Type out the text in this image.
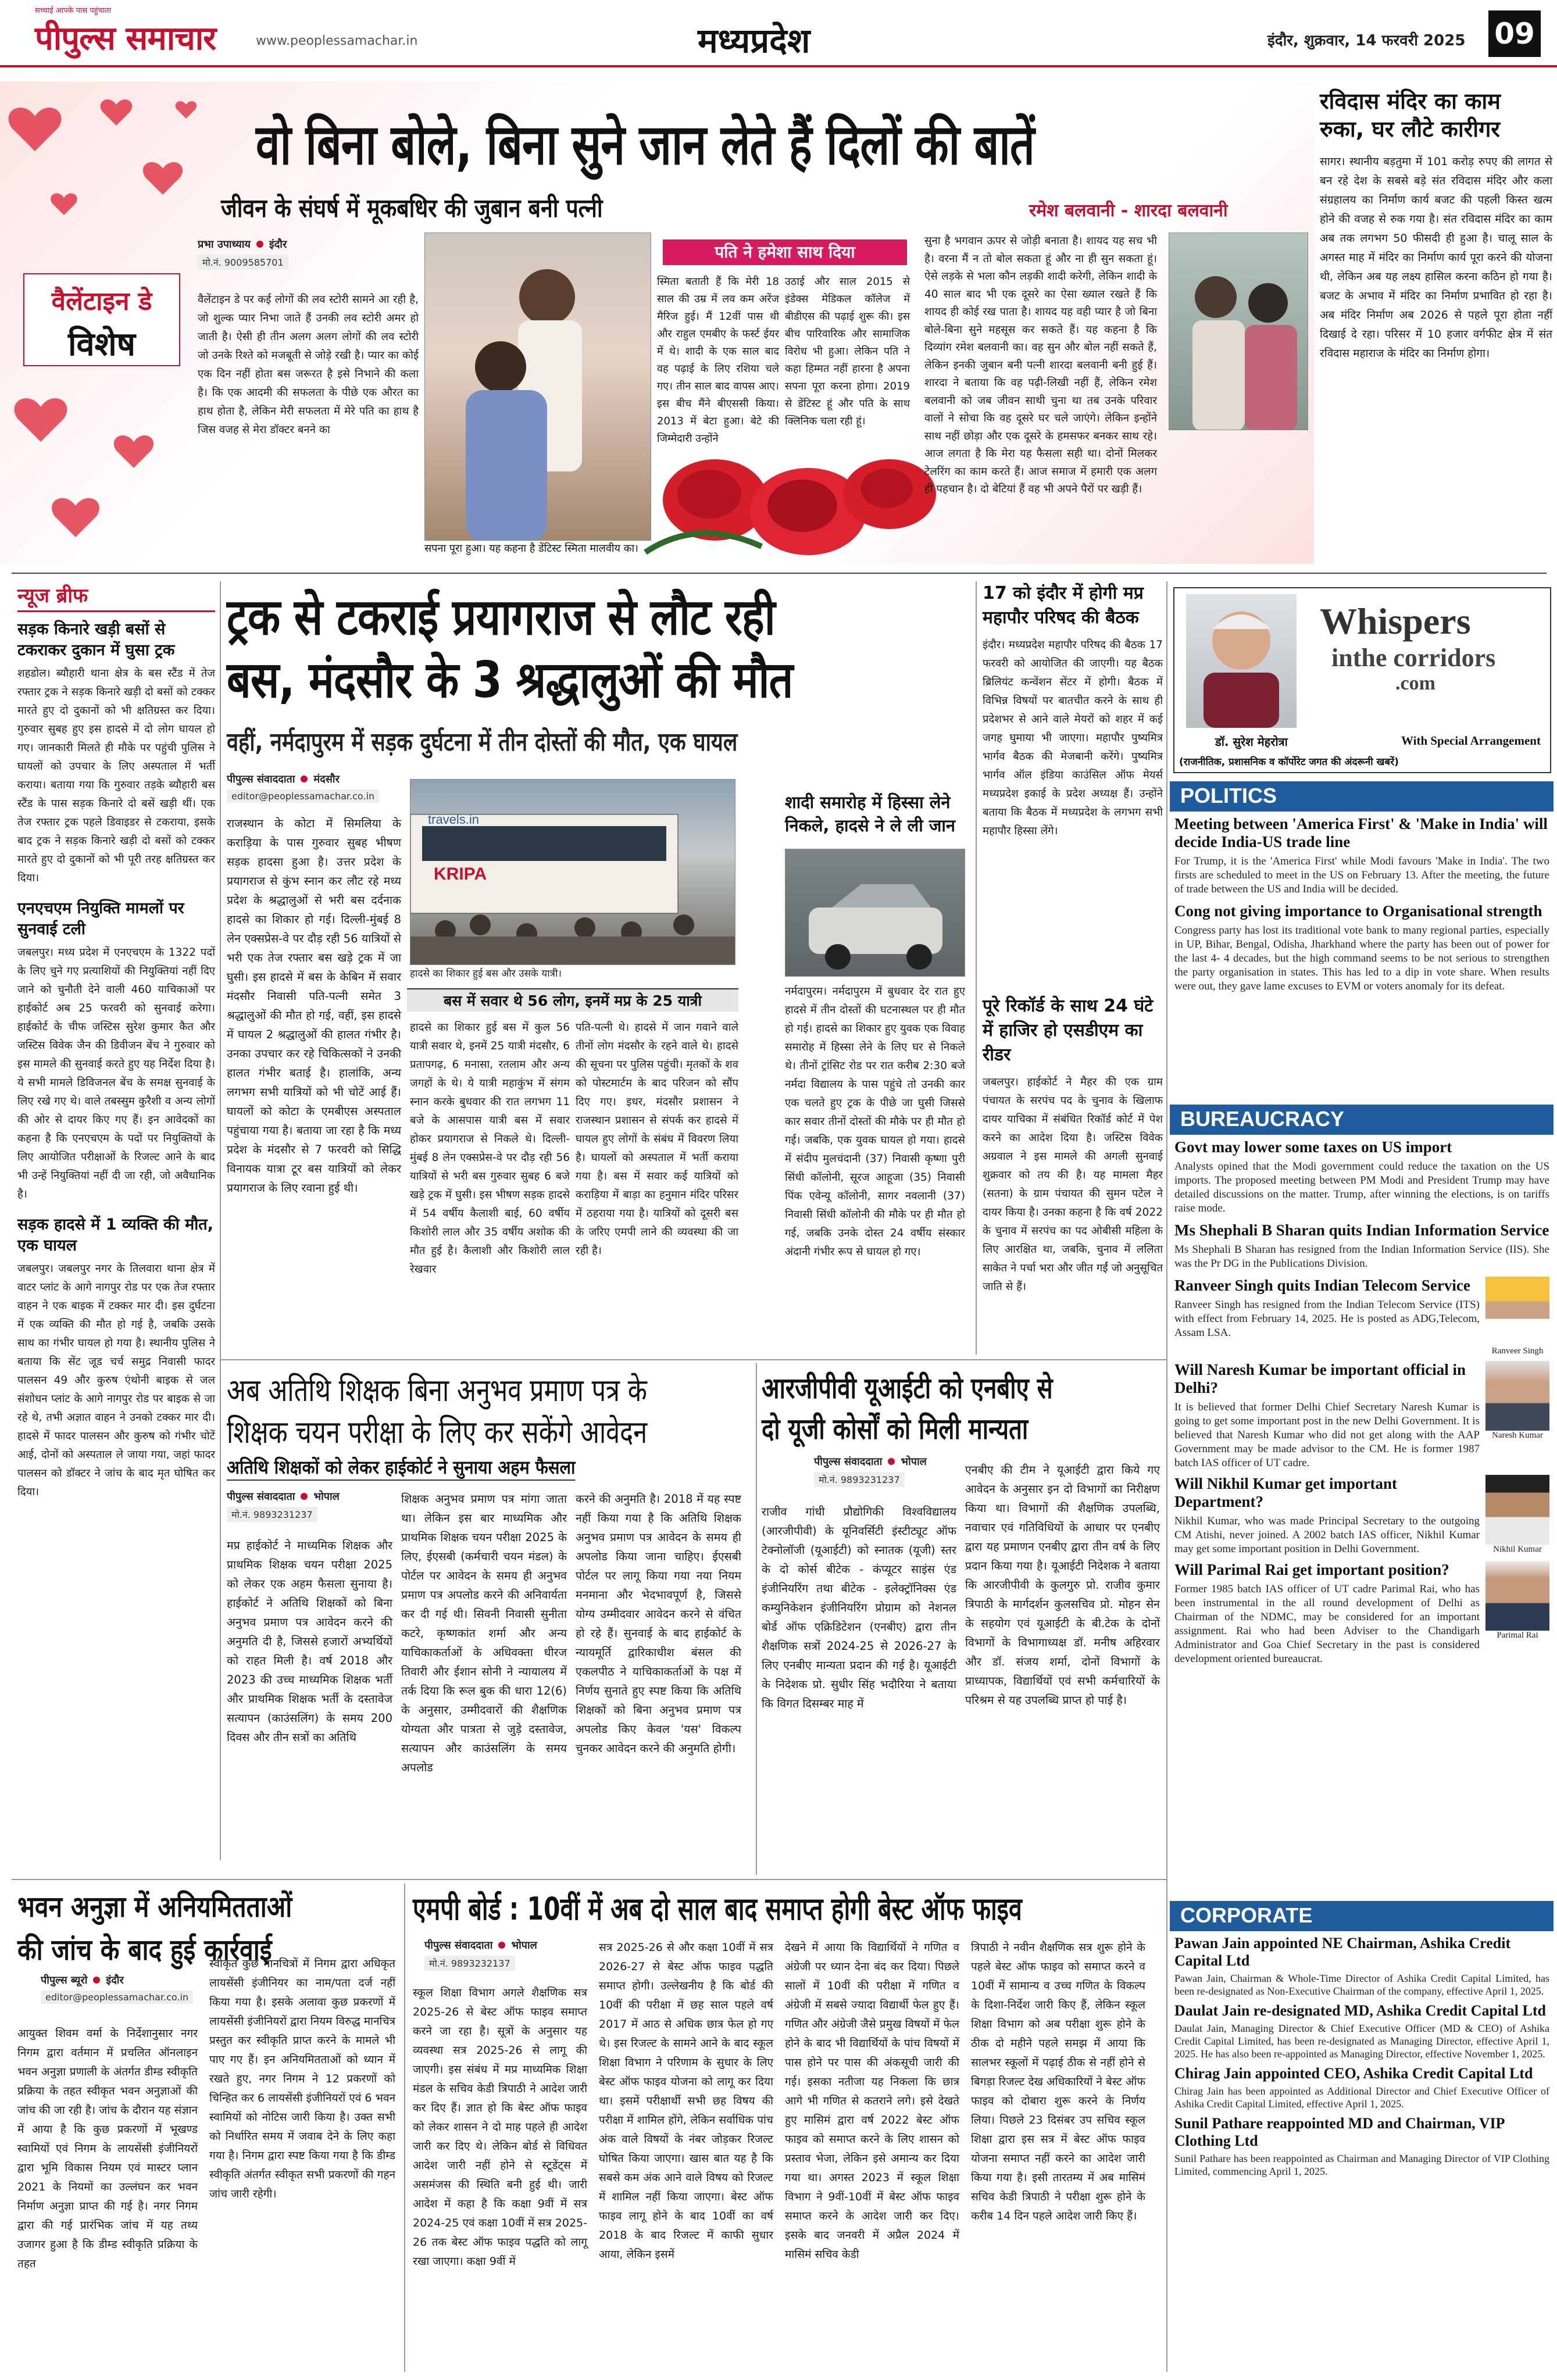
सच्चाई आपके पास पहुंचाता
पीपुल्स समाचार	www.peoplessamachar.in	मध्यप्रदेश	इंदौर, शुक्रवार, 14 फरवरी 2025 09
वो बिना बोले, बिना सुने जान लेते हैं दिलों की बातें
जीवन के संघर्ष में मूकबधिर की जुबान बनी पत्नी
वैलेंटाइन डे
विशेष
प्रभा उपाध्याय इंदौर
मो.नं. 9009585701
वैलेंटाइन डे पर कई लोगों की लव स्टोरी सामने आ रही है, जो शुल्क प्यार निभा जाते हैं उनकी लव स्टोरी अमर हो जाती है। ऐसी ही तीन अलग अलग लोगों की लव स्टोरी जो उनके रिश्ते को मजबूती से जोड़े रखी है। प्यार का कोई एक दिन नहीं होता बस जरूरत है इसे निभाने की कला है। कि एक आदमी की सफलता के पीछे एक औरत का हाथ होता है, लेकिन मेरी सफलता में मेरे पति का हाथ है जिस वजह से मेरा डॉक्टर बनने का
सपना पूरा हुआ। यह कहना है डेंटिस्ट स्मिता मालवीय का।
पति ने हमेशा साथ दिया
स्मिता बताती हैं कि मेरी 18 साल की उम्र में लव कम अरेंज मैरिज हुई। मैं 12वीं पास थी और राहुल एमबीए के फर्स्ट ईयर में थे। शादी के एक साल बाद वह पढ़ाई के लिए रशिया चले गए। तीन साल बाद वापस आए। इस बीच मैंने बीएससी किया। 2013 में बेटा हुआ। बेटे की जिम्मेदारी उन्होंने
उठाई और साल 2015 से इंडेक्स मेडिकल कॉलेज में बीडीएस की पढ़ाई शुरू की। इस बीच पारिवारिक और सामाजिक विरोध भी हुआ। लेकिन पति ने कहा हिम्मत नहीं हारना है अपना सपना पूरा करना होगा। 2019 से डेंटिस्ट हूं और पति के साथ क्लिनिक चला रही हूं।
रमेश बलवानी - शारदा बलवानी
सुना है भगवान ऊपर से जोड़ी बनाता है। शायद यह सच भी है। वरना मैं न तो बोल सकता हूं और ना ही सुन सकता हूं। ऐसे लड़के से भला कौन लड़की शादी करेगी, लेकिन शादी के 40 साल बाद भी एक दूसरे का ऐसा ख्याल रखते हैं कि शायद ही कोई रख पाता है। शायद यह वही प्यार है जो बिना बोले-बिना सुने महसूस कर सकते हैं। यह कहना है कि दिव्यांग रमेश बलवानी का। वह सुन और बोल नहीं सकते हैं, लेकिन इनकी जुबान बनी पत्नी शारदा बलवानी बनी हुई हैं। शारदा ने बताया कि वह पढ़ी-लिखी नहीं हैं, लेकिन रमेश बलवानी को जब जीवन साथी चुना था तब उनके परिवार वालों ने सोचा कि वह दूसरे घर चले जाएंगे। लेकिन इन्होंने साथ नहीं छोड़ा और एक दूसरे के हमसफर बनकर साथ रहे। आज लगता है कि मेरा यह फैसला सही था। दोनों मिलकर टेलरिंग का काम करते हैं। आज समाज में हमारी एक अलग ही पहचान है। दो बेटियां हैं वह भी अपने पैरों पर खड़ी हैं।
रविदास मंदिर का काम रुका, घर लौटे कारीगर
सागर। स्थानीय बड़तुमा में 101 करोड़ रुपए की लागत से बन रहे देश के सबसे बड़े संत रविदास मंदिर और कला संग्रहालय का निर्माण कार्य बजट की पहली किस्त खत्म होने की वजह से रुक गया है। संत रविदास मंदिर का काम अब तक लगभग 50 फीसदी ही हुआ है। चालू साल के अगस्त माह में मंदिर का निर्माण कार्य पूरा करने की योजना थी, लेकिन अब यह लक्ष्य हासिल करना कठिन हो गया है। बजट के अभाव में मंदिर का निर्माण प्रभावित हो रहा है। अब मंदिर निर्माण अब 2026 से पहले पूरा होता नहीं दिखाई दे रहा। परिसर में 10 हजार वर्गफीट क्षेत्र में संत रविदास महाराज के मंदिर का निर्माण होगा।
न्यूज ब्रीफ
सड़क किनारे खड़ी बसों से टकराकर दुकान में घुसा ट्रक
शहडोल। ब्यौहारी थाना क्षेत्र के बस स्टैंड में तेज रफ्तार ट्रक ने सड़क किनारे खड़ी दो बसों को टक्कर मारते हुए दो दुकानों को भी क्षतिग्रस्त कर दिया। गुरुवार सुबह हुए इस हादसे में दो लोग घायल हो गए। जानकारी मिलते ही मौके पर पहुंची पुलिस ने घायलों को उपचार के लिए अस्पताल में भर्ती कराया। बताया गया कि गुरुवार तड़के ब्यौहारी बस स्टैंड के पास सड़क किनारे दो बसें खड़ी थीं। एक तेज रफ्तार ट्रक पहले डिवाइडर से टकराया, इसके बाद ट्रक ने सड़क किनारे खड़ी दो बसों को टक्कर मारते हुए दो दुकानों को भी पूरी तरह क्षतिग्रस्त कर दिया।
एनएचएम नियुक्ति मामलों पर सुनवाई टली
जबलपुर। मध्य प्रदेश में एनएचएम के 1322 पदों के लिए चुने गए प्रत्याशियों की नियुक्तियां नहीं दिए जाने को चुनौती देने वाली 460 याचिकाओं पर हाईकोर्ट अब 25 फरवरी को सुनवाई करेगा। हाईकोर्ट के चीफ जस्टिस सुरेश कुमार कैत और जस्टिस विवेक जैन की डिवीजन बेंच ने गुरुवार को इस मामले की सुनवाई करते हुए यह निर्देश दिया है। ये सभी मामले डिविजनल बेंच के समक्ष सुनवाई के लिए रखे गए थे। वाले तबस्सुम कुरैशी व अन्य लोगों की ओर से दायर किए गए हैं। इन आवेदकों का कहना है कि एनएचएम के पदों पर नियुक्तियों के लिए आयोजित परीक्षाओं के रिजल्ट आने के बाद भी उन्हें नियुक्तियां नहीं दी जा रही, जो अवैधानिक है।
सड़क हादसे में 1 व्यक्ति की मौत, एक घायल
जबलपुर। जबलपुर नगर के तिलवारा थाना क्षेत्र में वाटर प्लांट के आगे नागपुर रोड पर एक तेज रफ्तार वाहन ने एक बाइक में टक्कर मार दी। इस दुर्घटना में एक व्यक्ति की मौत हो गई है, जबकि उसके साथ का गंभीर घायल हो गया है। स्थानीय पुलिस ने बताया कि सेंट जूड चर्च समुद्र निवासी फादर पालसन 49 और कुरुष एंथोनी बाइक से जल संशोधन प्लांट के आगे नागपुर रोड पर बाइक से जा रहे थे, तभी अज्ञात वाहन ने उनको टक्कर मार दी। हादसे में फादर पालसन और कुरुष को गंभीर चोटें आई, दोनों को अस्पताल ले जाया गया, जहां फादर पालसन को डॉक्टर ने जांच के बाद मृत घोषित कर दिया।
ट्रक से टकराई प्रयागराज से लौट रही
बस, मंदसौर के 3 श्रद्धालुओं की मौत
वहीं, नर्मदापुरम में सड़क दुर्घटना में तीन दोस्तों की मौत, एक घायल
पीपुल्स संवाददाता मंदसौर
editor@peoplessamachar.co.in
राजस्थान के कोटा में सिमलिया के कराड़िया के पास गुरुवार सुबह भीषण सड़क हादसा हुआ है। उत्तर प्रदेश के प्रयागराज से कुंभ स्नान कर लौट रहे मध्य प्रदेश के श्रद्धालुओं से भरी बस दर्दनाक हादसे का शिकार हो गई। दिल्ली-मुंबई 8 लेन एक्सप्रेस-वे पर दौड़ रही 56 यात्रियों से भरी एक तेज रफ्तार बस खड़े ट्रक में जा घुसी। इस हादसे में बस के केबिन में सवार मंदसौर निवासी पति-पत्नी समेत 3 श्रद्धालुओं की मौत हो गई, वहीं, इस हादसे में घायल 2 श्रद्धालुओं की हालत गंभीर है। उनका उपचार कर रहे चिकित्सकों ने उनकी हालत गंभीर बताई है। हालांकि, अन्य लगभग सभी यात्रियों को भी चोटें आई हैं। घायलों को कोटा के एमबीएस अस्पताल पहुंचाया गया है। बताया जा रहा है कि मध्य प्रदेश के मंदसौर से 7 फरवरी को सिद्धि विनायक यात्रा टूर बस यात्रियों को लेकर प्रयागराज के लिए रवाना हुई थी।
travels.in
KRIPA
हादसे का शिकार हुई बस और उसके यात्री।
बस में सवार थे 56 लोग, इनमें मप्र के 25 यात्री
हादसे का शिकार हुई बस में कुल 56 यात्री सवार थे, इनमें 25 यात्री मंदसौर, 6 प्रतापगढ़, 6 मनासा, रतलाम और अन्य जगहों के थे। ये यात्री महाकुंभ में संगम स्नान करके बुधवार की रात लगभग 11 बजे के आसपास यात्री बस में सवार होकर प्रयागराज से निकले थे। दिल्ली-मुंबई 8 लेन एक्सप्रेस-वे पर दौड़ रही 56 यात्रियों से भरी बस गुरुवार सुबह 6 बजे खड़े ट्रक में घुसी। इस भीषण सड़क हादसे में 54 वर्षीय कैलाशी बाई, 60 वर्षीय किशोरी लाल और 35 वर्षीय अशोक की मौत हुई है। कैलाशी और किशोरी लाल रेखवार
पति-पत्नी थे। हादसे में जान गवाने वाले तीनों लोग मंदसौर के रहने वाले थे। हादसे की सूचना पर पुलिस पहुंची। मृतकों के शव को पोस्टमार्टम के बाद परिजन को सौंप दिए गए। इधर, मंदसौर प्रशासन ने राजस्थान प्रशासन से संपर्क कर हादसे में घायल हुए लोगों के संबंध में विवरण लिया है। घायलों को अस्पताल में भर्ती कराया गया है। बस में सवार कई यात्रियों को कराड़िया में बाड़ा का हनुमान मंदिर परिसर में ठहराया गया है। यात्रियों को दूसरी बस के जरिए एमपी लाने की व्यवस्था की जा रही है।
शादी समारोह में हिस्सा लेने निकले, हादसे ने ले ली जान
नर्मदापुरम। नर्मदापुरम में बुधवार देर रात हुए हादसे में तीन दोस्तों की घटनास्थल पर ही मौत हो गई। हादसे का शिकार हुए युवक एक विवाह समारोह में हिस्सा लेने के लिए घर से निकले थे। तीनों ट्रांसिट रोड पर रात करीब 2:30 बजे नर्मदा विद्यालय के पास पहुंचे तो उनकी कार एक चलते हुए ट्रक के पीछे जा घुसी जिससे कार सवार तीनों दोस्तों की मौके पर ही मौत हो गई। जबकि, एक युवक घायल हो गया। हादसे में संदीप मुलचंदानी (37) निवासी कृष्णा पुरी सिंधी कॉलोनी, सूरज आहूजा (35) निवासी पिंक एवेन्यू कॉलोनी, सागर नवलानी (37) निवासी सिंधी कॉलोनी की मौके पर ही मौत हो गई, जबकि उनके दोस्त 24 वर्षीय संस्कार अंदानी गंभीर रूप से घायल हो गए।
17 को इंदौर में होगी मप्र महापौर परिषद की बैठक
इंदौर। मध्यप्रदेश महापौर परिषद की बैठक 17 फरवरी को आयोजित की जाएगी। यह बैठक ब्रिलियंट कन्वेंशन सेंटर में होगी। बैठक में विभिन्न विषयों पर बातचीत करने के साथ ही प्रदेशभर से आने वाले मेयरों को शहर में कई जगह घुमाया भी जाएगा। महापौर पुष्यमित्र भार्गव बैठक की मेजबानी करेंगे। पुष्यमित्र भार्गव ऑल इंडिया काउंसिल ऑफ मेयर्स मध्यप्रदेश इकाई के प्रदेश अध्यक्ष हैं। उन्होंने बताया कि बैठक में मध्यप्रदेश के लगभग सभी महापौर हिस्सा लेंगे।
पूरे रिकॉर्ड के साथ 24 घंटे में हाजिर हो एसडीएम का रीडर
जबलपुर। हाईकोर्ट ने मैहर की एक ग्राम पंचायत के सरपंच पद के चुनाव के खिलाफ दायर याचिका में संबंधित रिकॉर्ड कोर्ट में पेश करने का आदेश दिया है। जस्टिस विवेक अग्रवाल ने इस मामले की अगली सुनवाई शुक्रवार को तय की है। यह मामला मैहर (सतना) के ग्राम पंचायत की सुमन पटेल ने दायर किया है। उनका कहना है कि वर्ष 2022 के चुनाव में सरपंच का पद ओबीसी महिला के लिए आरक्षित था, जबकि, चुनाव में ललिता साकेत ने पर्चा भरा और जीत गईं जो अनुसूचित जाति से हैं।
Whispers
inthe corridors
.com
डॉ. सुरेश मेहरोत्रा	With Special Arrangement
(राजनीतिक, प्रशासनिक व कॉर्पोरेट जगत की अंदरूनी खबरें)
POLITICS
Meeting between 'America First' & 'Make in India' will decide India-US trade line
For Trump, it is the 'America First' while Modi favours 'Make in India'. The two firsts are scheduled to meet in the US on February 13. After the meeting, the future of trade between the US and India will be decided.
Cong not giving importance to Organisational strength
Congress party has lost its traditional vote bank to many regional parties, especially in UP, Bihar, Bengal, Odisha, Jharkhand where the party has been out of power for the last 4- 4 decades, but the high command seems to be not serious to strengthen the party organisation in states. This has led to a dip in vote share. When results were out, they gave lame excuses to EVM or voters anomaly for its defeat.
BUREAUCRACY
Govt may lower some taxes on US import
Analysts opined that the Modi government could reduce the taxation on the US imports. The proposed meeting between PM Modi and President Trump may have detailed discussions on the matter. Trump, after winning the elections, is on tariffs raise mode.
Ms Shephali B Sharan quits Indian Information Service
Ms Shephali B Sharan has resigned from the Indian Information Service (IIS). She was the Pr DG in the Publications Division.
Ranveer Singh quits Indian Telecom Service
Ranveer Singh has resigned from the Indian Telecom Service (ITS) with effect from February 14, 2025. He is posted as ADG,Telecom, Assam LSA.
Ranveer Singh
Will Naresh Kumar be important official in Delhi?
It is believed that former Delhi Chief Secretary Naresh Kumar is going to get some important post in the new Delhi Government. It is believed that Naresh Kumar who did not get along with the AAP Government may be made advisor to the CM. He is former 1987 batch IAS officer of UT cadre.
Naresh Kumar
Will Nikhil Kumar get important Department?
Nikhil Kumar, who was made Principal Secretary to the outgoing CM Atishi, never joined. A 2002 batch IAS officer, Nikhil Kumar may get some important position in Delhi Government.	Nikhil Kumar
Will Parimal Rai get important position?
Former 1985 batch IAS officer of UT cadre Parimal Rai, who has been instrumental in the all round development of Delhi as Chairman of the NDMC, may be considered for an important assignment. Rai who had been Adviser to the Chandigarh Administrator and Goa Chief Secretary in the past is considered development oriented bureaucrat.
Parimal Rai
CORPORATE
Pawan Jain appointed NE Chairman, Ashika Credit Capital Ltd
Pawan Jain, Chairman & Whole-Time Director of Ashika Credit Capital Limited, has been re-designated as Non-Executive Chairman of the company, effective April 1, 2025.
Daulat Jain re-designated MD, Ashika Credit Capital Ltd
Daulat Jain, Managing Director & Chief Executive Officer (MD & CEO) of Ashika Credit Capital Limited, has been re-designated as Managing Director, effective April 1, 2025. He has also been re-appointed as Managing Director, effective November 1, 2025.
Chirag Jain appointed CEO, Ashika Credit Capital Ltd
Chirag Jain has been appointed as Additional Director and Chief Executive Officer of Ashika Credit Capital Limited, effective April 1, 2025.
Sunil Pathare reappointed MD and Chairman, VIP Clothing Ltd
Sunil Pathare has been reappointed as Chairman and Managing Director of VIP Clothing Limited, commencing April 1, 2025.
अब अतिथि शिक्षक बिना अनुभव प्रमाण पत्र के
शिक्षक चयन परीक्षा के लिए कर सकेंगे आवेदन
अतिथि शिक्षकों को लेकर हाईकोर्ट ने सुनाया अहम फैसला
पीपुल्स संवाददाता भोपाल
मो.नं. 9893231237
मप्र हाईकोर्ट ने माध्यमिक शिक्षक और प्राथमिक शिक्षक चयन परीक्षा 2025 को लेकर एक अहम फैसला सुनाया है। हाईकोर्ट ने अतिथि शिक्षकों को बिना अनुभव प्रमाण पत्र आवेदन करने की अनुमति दी है, जिससे हजारों अभ्यर्थियों को राहत मिली है। वर्ष 2018 और 2023 की उच्च माध्यमिक शिक्षक भर्ती और प्राथमिक शिक्षक भर्ती के दस्तावेज सत्यापन (काउंसलिंग) के समय 200 दिवस और तीन सत्रों का अतिथि
शिक्षक अनुभव प्रमाण पत्र मांगा जाता था। लेकिन इस बार माध्यमिक और प्राथमिक शिक्षक चयन परीक्षा 2025 के लिए, ईएसबी (कर्मचारी चयन मंडल) के पोर्टल पर आवेदन के समय ही अनुभव प्रमाण पत्र अपलोड करने की अनिवार्यता कर दी गई थी। सिवनी निवासी सुनीता कटरे, कृष्णकांत शर्मा और अन्य याचिकाकर्ताओं के अधिवक्ता धीरज तिवारी और ईशान सोनी ने न्यायालय में तर्क दिया कि रूल बुक की धारा 12(6) के अनुसार, उम्मीदवारों की शैक्षणिक योग्यता और पात्रता से जुड़े दस्तावेज, सत्यापन और काउंसलिंग के समय अपलोड
करने की अनुमति है। 2018 में यह स्पष्ट नहीं किया गया है कि अतिथि शिक्षक अनुभव प्रमाण पत्र आवेदन के समय ही अपलोड किया जाना चाहिए। ईएसबी पोर्टल पर लागू किया गया नया नियम मनमाना और भेदभावपूर्ण है, जिससे योग्य उम्मीदवार आवेदन करने से वंचित हो रहे हैं। सुनवाई के बाद हाईकोर्ट के न्यायमूर्ति द्वारिकाधीश बंसल की एकलपीठ ने याचिकाकर्ताओं के पक्ष में निर्णय सुनाते हुए स्पष्ट किया कि अतिथि शिक्षकों को बिना अनुभव प्रमाण पत्र अपलोड किए केवल 'यस' विकल्प चुनकर आवेदन करने की अनुमति होगी।
आरजीपीवी यूआईटी को एनबीए से
दो यूजी कोर्सों को मिली मान्यता
पीपुल्स संवाददाता भोपाल
मो.नं. 9893231237
राजीव गांधी प्रौद्योगिकी विश्वविद्यालय (आरजीपीवी) के यूनिवर्सिटी इंस्टीट्यूट ऑफ टेक्नोलॉजी (यूआईटी) को स्नातक (यूजी) स्तर के दो कोर्स बीटेक - कंप्यूटर साइंस एंड इंजीनियरिंग तथा बीटेक - इलेक्ट्रॉनिक्स एंड कम्युनिकेशन इंजीनियरिंग प्रोग्राम को नेशनल बोर्ड ऑफ एक्रिडिटेशन (एनबीए) द्वारा तीन शैक्षणिक सत्रों 2024-25 से 2026-27 के लिए एनबीए मान्यता प्रदान की गई है। यूआईटी के निदेशक प्रो. सुधीर सिंह भदौरिया ने बताया कि विगत दिसम्बर माह में
एनबीए की टीम ने यूआईटी द्वारा किये गए आवेदन के अनुसार इन दो विभागों का निरीक्षण किया था। विभागों की शैक्षणिक उपलब्धि, नवाचार एवं गतिविधियों के आधार पर एनबीए द्वारा यह प्रमाणन एनबीए द्वारा तीन वर्ष के लिए प्रदान किया गया है। यूआईटी निदेशक ने बताया कि आरजीपीवी के कुलगुरु प्रो. राजीव कुमार त्रिपाठी के मार्गदर्शन कुलसचिव प्रो. मोहन सेन के सहयोग एवं यूआईटी के बी.टेक के दोनों विभागों के विभागाध्यक्ष डॉ. मनीष अहिरवार और डॉ. संजय शर्मा, दोनों विभागों के प्राध्यापक, विद्यार्थियों एवं सभी कर्मचारियों के परिश्रम से यह उपलब्धि प्राप्त हो पाई है।
भवन अनुज्ञा में अनियमितताओं
की जांच के बाद हुई कार्रवाई
पीपुल्स ब्यूरो इंदौर
editor@peoplessamachar.co.in
आयुक्त शिवम वर्मा के निर्देशानुसार नगर निगम द्वारा वर्तमान में प्रचलित ऑनलाइन भवन अनुज्ञा प्रणाली के अंतर्गत डीम्ड स्वीकृति प्रक्रिया के तहत स्वीकृत भवन अनुज्ञाओं की जांच की जा रही है। जांच के दौरान यह संज्ञान में आया है कि कुछ प्रकरणों में भूखण्ड स्वामियों एवं निगम के लायसेंसी इंजीनियरों द्वारा भूमि विकास नियम एवं मास्टर प्लान 2021 के नियमों का उल्लंघन कर भवन निर्माण अनुज्ञा प्राप्त की गई है। नगर निगम द्वारा की गई प्रारंभिक जांच में यह तथ्य उजागर हुआ है कि डीम्ड स्वीकृति प्रक्रिया के तहत
स्वीकृत कुछ मानचित्रों में निगम द्वारा अधिकृत लायसेंसी इंजीनियर का नाम/पता दर्ज नहीं किया गया है। इसके अलावा कुछ प्रकरणों में लायसेंसी इंजीनियरों द्वारा नियम विरुद्ध मानचित्र प्रस्तुत कर स्वीकृति प्राप्त करने के मामले भी पाए गए हैं। इन अनियमितताओं को ध्यान में रखते हुए, नगर निगम ने 12 प्रकरणों को चिन्हित कर 6 लायसेंसी इंजीनियरों एवं 6 भवन स्वामियों को नोटिस जारी किया है। उक्त सभी को निर्धारित समय में जवाब देने के लिए कहा गया है। निगम द्वारा स्पष्ट किया गया है कि डीम्ड स्वीकृति अंतर्गत स्वीकृत सभी प्रकरणों की गहन जांच जारी रहेगी।
एमपी बोर्ड : 10वीं में अब दो साल बाद समाप्त होगी बेस्ट ऑफ फाइव
पीपुल्स संवाददाता भोपाल
मो.नं. 9893232137
स्कूल शिक्षा विभाग अगले शैक्षणिक सत्र 2025-26 से बेस्ट ऑफ फाइव समाप्त करने जा रहा है। सूत्रों के अनुसार यह व्यवस्था सत्र 2025-26 से लागू की जाएगी। इस संबंध में मप्र माध्यमिक शिक्षा मंडल के सचिव केडी त्रिपाठी ने आदेश जारी कर दिए हैं। ज्ञात हो कि बेस्ट ऑफ फाइव को लेकर शासन ने दो माह पहले ही आदेश जारी कर दिए थे। लेकिन बोर्ड से विधिवत आदेश जारी नहीं होने से स्टूडेंट्स में असमंजस की स्थिति बनी हुई थी। जारी आदेश में कहा है कि कक्षा 9वीं में सत्र 2024-25 एवं कक्षा 10वीं में सत्र 2025-26 तक बेस्ट ऑफ फाइव पद्धति को लागू रखा जाएगा। कक्षा 9वीं में
सत्र 2025-26 से और कक्षा 10वीं में सत्र 2026-27 से बेस्ट ऑफ फाइव पद्धति समाप्त होगी। उल्लेखनीय है कि बोर्ड की 10वीं की परीक्षा में छह साल पहले वर्ष 2017 में आठ से अधिक छात्र फेल हो गए थे। इस रिजल्ट के सामने आने के बाद स्कूल शिक्षा विभाग ने परिणाम के सुधार के लिए बेस्ट ऑफ फाइव योजना को लागू कर दिया था। इसमें परीक्षार्थी सभी छह विषय की परीक्षा में शामिल होंगे, लेकिन सर्वाधिक पांच अंक वाले विषयों के नंबर जोड़कर रिजल्ट घोषित किया जाएगा। खास बात यह है कि सबसे कम अंक आने वाले विषय को रिजल्ट में शामिल नहीं किया जाएगा। बेस्ट ऑफ फाइव लागू होने के बाद 10वीं का वर्ष 2018 के बाद रिजल्ट में काफी सुधार आया, लेकिन इसमें
देखने में आया कि विद्यार्थियों ने गणित व अंग्रेजी पर ध्यान देना बंद कर दिया। पिछले सालों में 10वीं की परीक्षा में गणित व अंग्रेजी में सबसे ज्यादा विद्यार्थी फेल हुए हैं। गणित और अंग्रेजी जैसे प्रमुख विषयों में फेल होने के बाद भी विद्यार्थियों के पांच विषयों में पास होने पर पास की अंकसूची जारी की गई। इसका नतीजा यह निकला कि छात्र आगे भी गणित से कतराने लगे। इसे देखते हुए मासिमं द्वारा वर्ष 2022 बेस्ट ऑफ फाइव को समाप्त करने के लिए शासन को प्रस्ताव भेजा, लेकिन इसे अमान्य कर दिया गया था। अगस्त 2023 में स्कूल शिक्षा विभाग ने 9वीं-10वीं में बेस्ट ऑफ फाइव समाप्त करने के आदेश जारी कर दिए। इसके बाद जनवरी में अप्रैल 2024 में मासिमं सचिव केडी
त्रिपाठी ने नवीन शैक्षणिक सत्र शुरू होने के पहले बेस्ट ऑफ फाइव को समाप्त करने व 10वीं में सामान्य व उच्च गणित के विकल्प के दिशा-निर्देश जारी किए हैं, लेकिन स्कूल शिक्षा विभाग को अब परीक्षा शुरू होने के ठीक दो महीने पहले समझ में आया कि सालभर स्कूलों में पढ़ाई ठीक से नहीं होने से बिगड़ा रिजल्ट देख अधिकारियों ने बेस्ट ऑफ फाइव को दोबारा शुरू करने के निर्णय लिया। पिछले 23 दिसंबर उप सचिव स्कूल शिक्षा द्वारा इस सत्र में बेस्ट ऑफ फाइव योजना समाप्त नहीं करने का आदेश जारी किया गया है। इसी तारतम्य में अब मासिमं सचिव केडी त्रिपाठी ने परीक्षा शुरू होने के करीब 14 दिन पहले आदेश जारी किए हैं।
